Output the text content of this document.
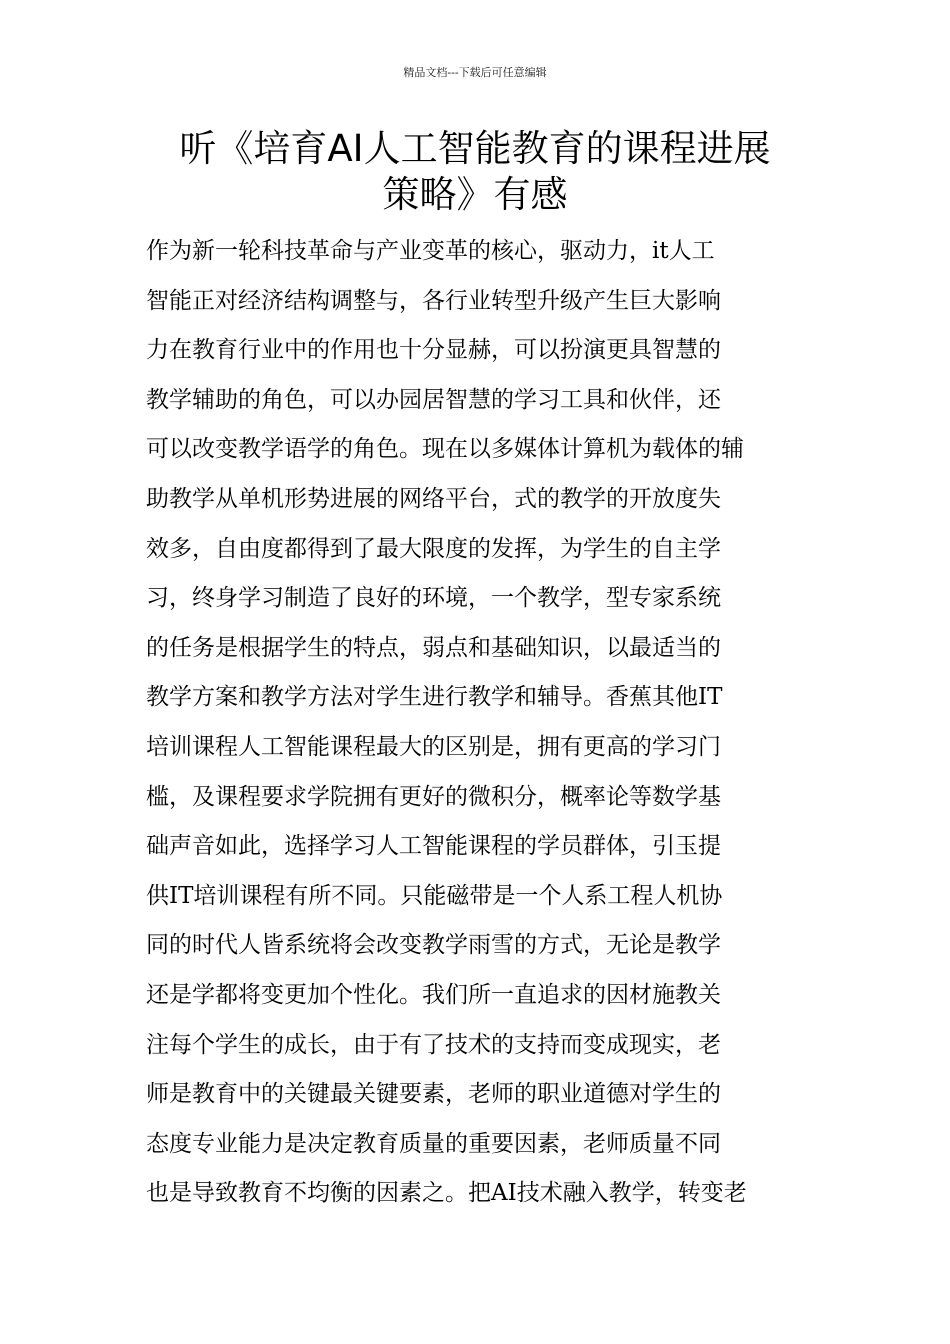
精品文档---下载后可任意编辑
听《培育AI人工智能教育的课程进展
策略》有感
作为新一轮科技革命与产业变革的核心，驱动力，it人工
智能正对经济结构调整与，各行业转型升级产生巨大影响
力在教育行业中的作用也十分显赫，可以扮演更具智慧的
教学辅助的角色，可以办园居智慧的学习工具和伙伴，还
可以改变教学语学的角色。现在以多媒体计算机为载体的辅
助教学从单机形势进展的网络平台，式的教学的开放度失
效多，自由度都得到了最大限度的发挥，为学生的自主学
习，终身学习制造了良好的环境，一个教学，型专家系统
的任务是根据学生的特点，弱点和基础知识，以最适当的
教学方案和教学方法对学生进行教学和辅导。香蕉其他IT
培训课程人工智能课程最大的区别是，拥有更高的学习门
槛，及课程要求学院拥有更好的微积分，概率论等数学基
础声音如此，选择学习人工智能课程的学员群体，引玉提
供IT培训课程有所不同。只能磁带是一个人系工程人机协
同的时代人皆系统将会改变教学雨雪的方式，无论是教学
还是学都将变更加个性化。我们所一直追求的因材施教关
注每个学生的成长，由于有了技术的支持而变成现实，老
师是教育中的关键最关键要素，老师的职业道德对学生的
态度专业能力是决定教育质量的重要因素，老师质量不同
也是导致教育不均衡的因素之。把AI技术融入教学，转变老
